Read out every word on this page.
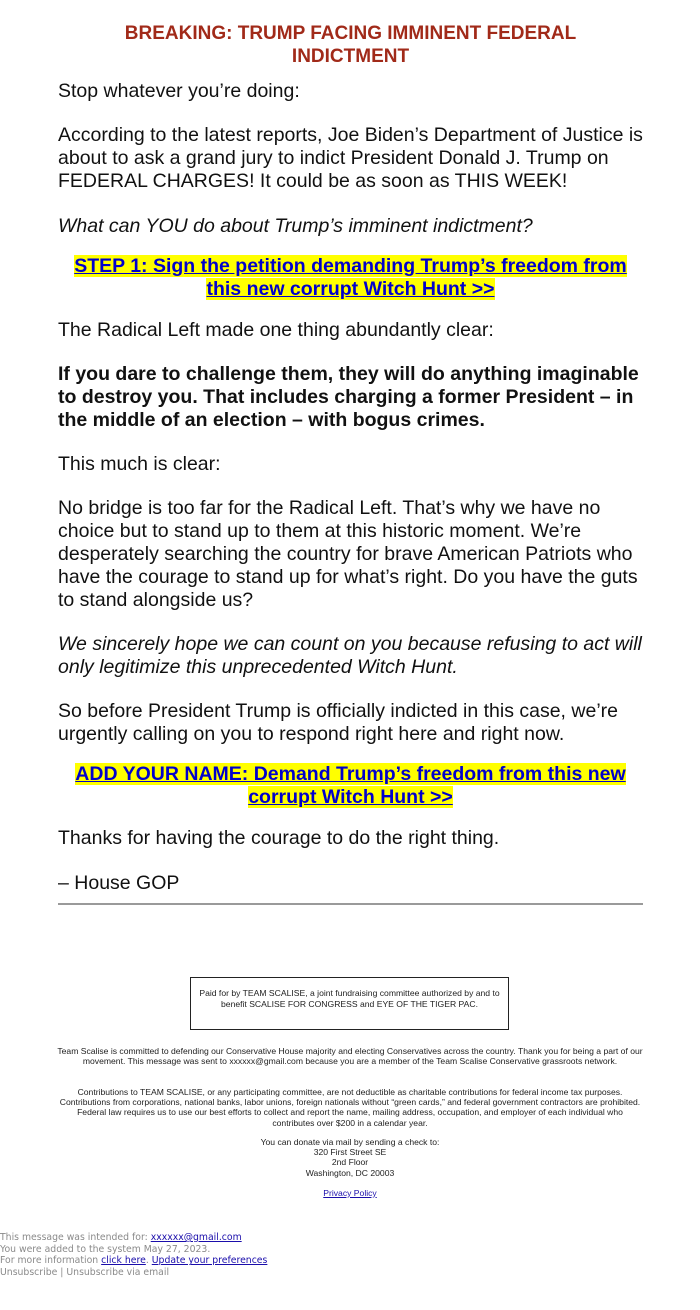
BREAKING: TRUMP FACING IMMINENT FEDERAL INDICTMENT

Stop whatever you’re doing:

According to the latest reports, Joe Biden’s Department of Justice is about to ask a grand jury to indict President Donald J. Trump on FEDERAL CHARGES! It could be as soon as THIS WEEK!

What can YOU do about Trump’s imminent indictment?

STEP 1: Sign the petition demanding Trump’s freedom from this new corrupt Witch Hunt >>

The Radical Left made one thing abundantly clear:

If you dare to challenge them, they will do anything imaginable to destroy you. That includes charging a former President – in the middle of an election – with bogus crimes.

This much is clear:

No bridge is too far for the Radical Left. That’s why we have no choice but to stand up to them at this historic moment. We’re desperately searching the country for brave American Patriots who have the courage to stand up for what’s right. Do you have the guts to stand alongside us?

We sincerely hope we can count on you because refusing to act will only legitimize this unprecedented Witch Hunt.

So before President Trump is officially indicted in this case, we’re urgently calling on you to respond right here and right now.

ADD YOUR NAME: Demand Trump’s freedom from this new corrupt Witch Hunt >>

Thanks for having the courage to do the right thing.

– House GOP

Paid for by TEAM SCALISE, a joint fundraising committee authorized by and to benefit SCALISE FOR CONGRESS and EYE OF THE TIGER PAC.
Team Scalise is committed to defending our Conservative House majority and electing Conservatives across the country. Thank you for being a part of our movement. This message was sent to xxxxxx@gmail.com because you are a member of the Team Scalise Conservative grassroots network.
Contributions to TEAM SCALISE, or any participating committee, are not deductible as charitable contributions for federal income tax purposes. Contributions from corporations, national banks, labor unions, foreign nationals without “green cards,” and federal government contractors are prohibited. Federal law requires us to use our best efforts to collect and report the name, mailing address, occupation, and employer of each individual who contributes over $200 in a calendar year.
You can donate via mail by sending a check to:
320 First Street SE
2nd Floor
Washington, DC 20003
Privacy Policy
This message was intended for: xxxxxx@gmail.com
You were added to the system May 27, 2023.
For more information click here. Update your preferences
Unsubscribe | Unsubscribe via email
